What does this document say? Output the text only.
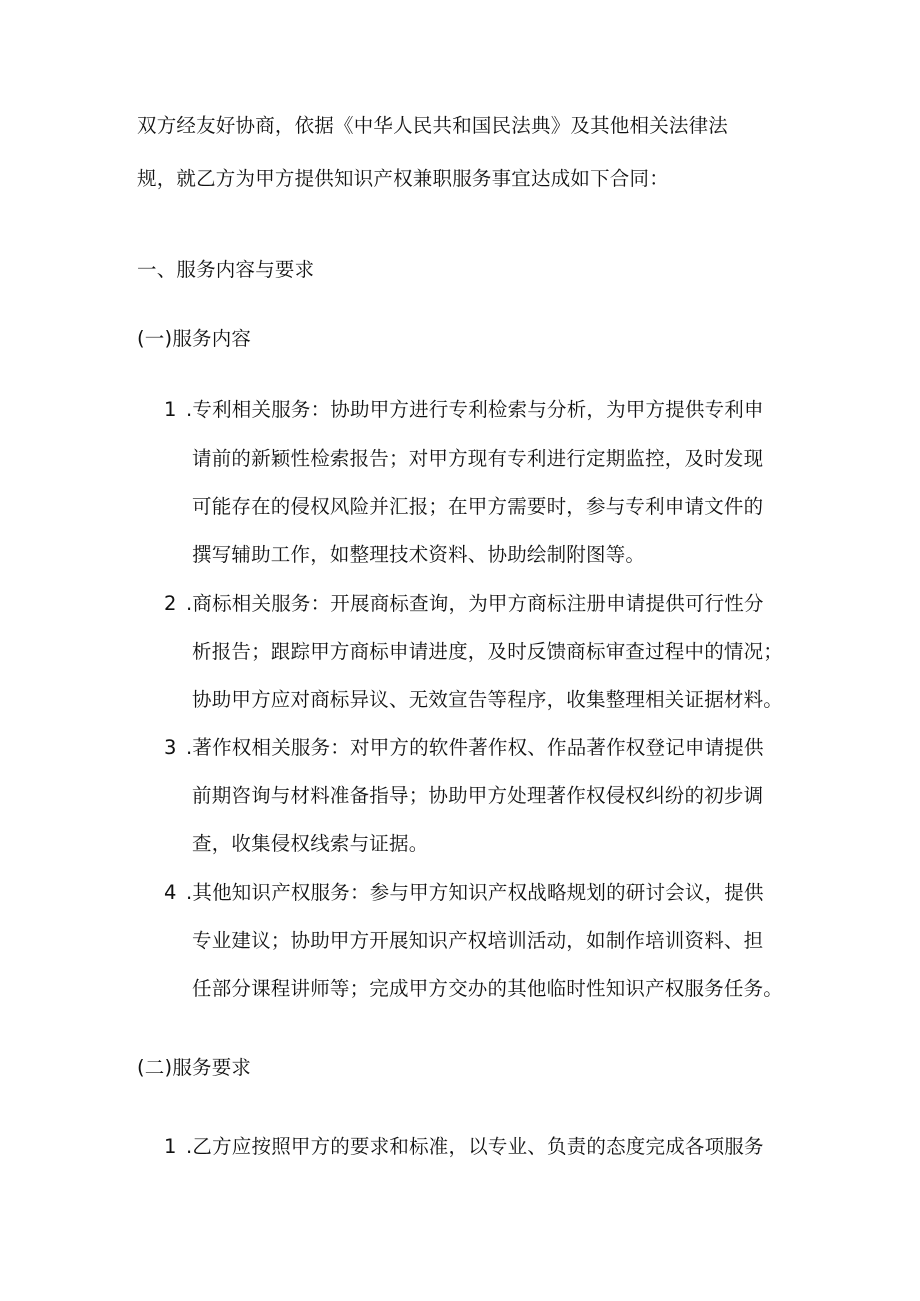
双方经友好协商，依据《中华人民共和国民法典》及其他相关法律法
规，就乙方为甲方提供知识产权兼职服务事宜达成如下合同：
一、服务内容与要求
(一)服务内容
1 .专利相关服务：协助甲方进行专利检索与分析，为甲方提供专利申
请前的新颖性检索报告；对甲方现有专利进行定期监控，及时发现
可能存在的侵权风险并汇报；在甲方需要时，参与专利申请文件的
撰写辅助工作，如整理技术资料、协助绘制附图等。
2 .商标相关服务：开展商标查询，为甲方商标注册申请提供可行性分
析报告；跟踪甲方商标申请进度，及时反馈商标审查过程中的情况；
协助甲方应对商标异议、无效宣告等程序，收集整理相关证据材料。
3 .著作权相关服务：对甲方的软件著作权、作品著作权登记申请提供
前期咨询与材料准备指导；协助甲方处理著作权侵权纠纷的初步调
查，收集侵权线索与证据。
4 .其他知识产权服务：参与甲方知识产权战略规划的研讨会议，提供
专业建议；协助甲方开展知识产权培训活动，如制作培训资料、担
任部分课程讲师等；完成甲方交办的其他临时性知识产权服务任务。
(二)服务要求
1 .乙方应按照甲方的要求和标准，以专业、负责的态度完成各项服务
